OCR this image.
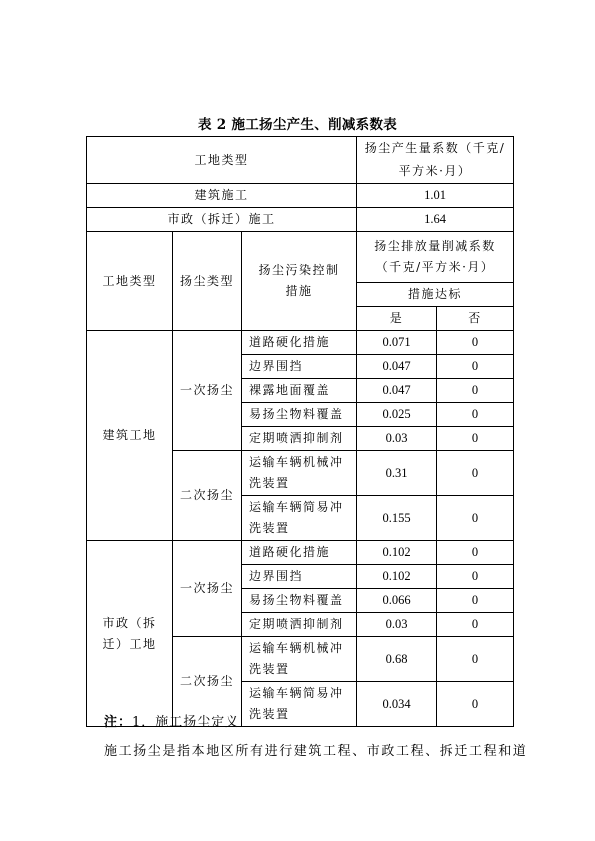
表 2 施工扬尘产生、削减系数表
工地类型			扬尘产生量系数（千克/平方米·月）	
建筑施工			1.01	
市政（拆迁）施工			1.64	
工地类型	扬尘类型	扬尘污染控制措施	扬尘排放量削减系数（千克/平方米·月）	
			措施达标	
			是	否
建筑工地	一次扬尘	道路硬化措施	0.071	0
		边界围挡	0.047	0
		裸露地面覆盖	0.047	0
		易扬尘物料覆盖	0.025	0
		定期喷洒抑制剂	0.03	0
	二次扬尘	运输车辆机械冲洗装置	0.31	0
		运输车辆简易冲洗装置	0.155	0
市政（拆迁）工地	一次扬尘	道路硬化措施	0.102	0
		边界围挡	0.102	0
		易扬尘物料覆盖	0.066	0
		定期喷洒抑制剂	0.03	0
	二次扬尘	运输车辆机械冲洗装置	0.68	0
		运输车辆简易冲洗装置	0.034	0
注：1．施工扬尘定义
施工扬尘是指本地区所有进行建筑工程、市政工程、拆迁工程和道
